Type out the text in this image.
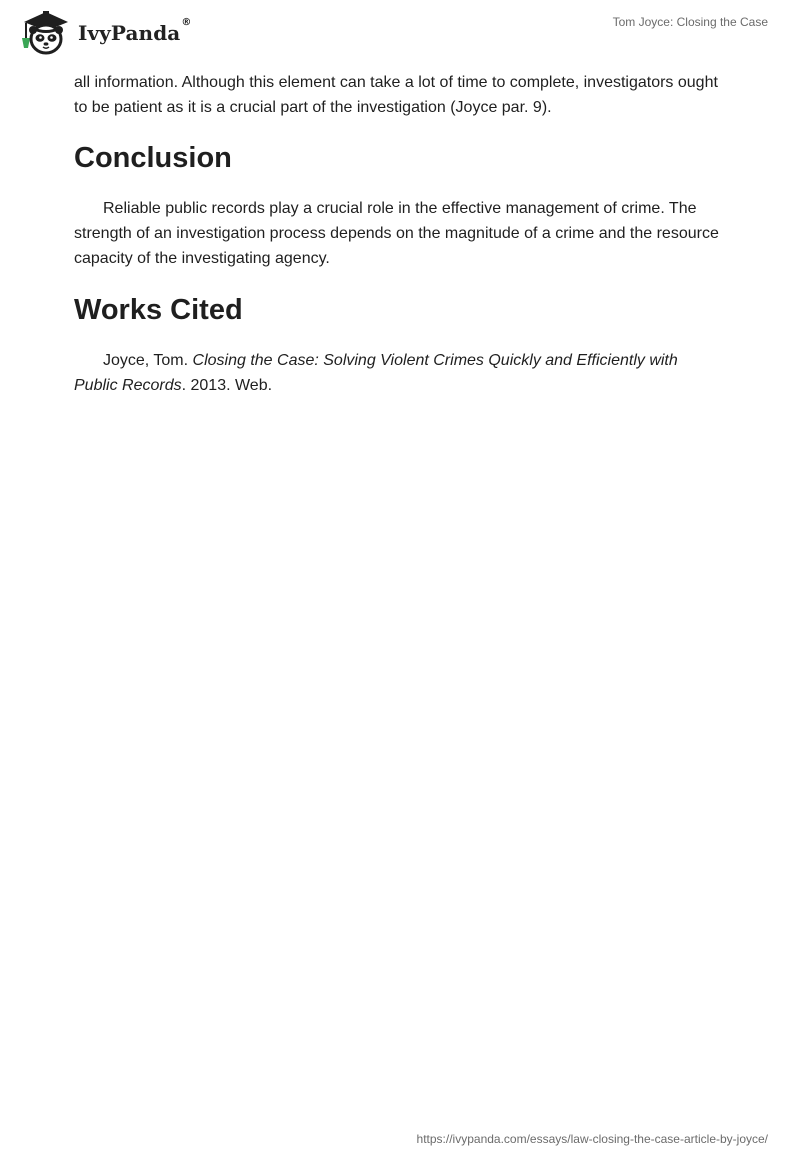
IvyPanda®	Tom Joyce: Closing the Case

all information. Although this element can take a lot of time to complete, investigators ought to be patient as it is a crucial part of the investigation (Joyce par. 9).

Conclusion

Reliable public records play a crucial role in the effective management of crime. The strength of an investigation process depends on the magnitude of a crime and the resource capacity of the investigating agency.

Works Cited

Joyce, Tom. Closing the Case: Solving Violent Crimes Quickly and Efficiently with Public Records. 2013. Web.

https://ivypanda.com/essays/law-closing-the-case-article-by-joyce/
